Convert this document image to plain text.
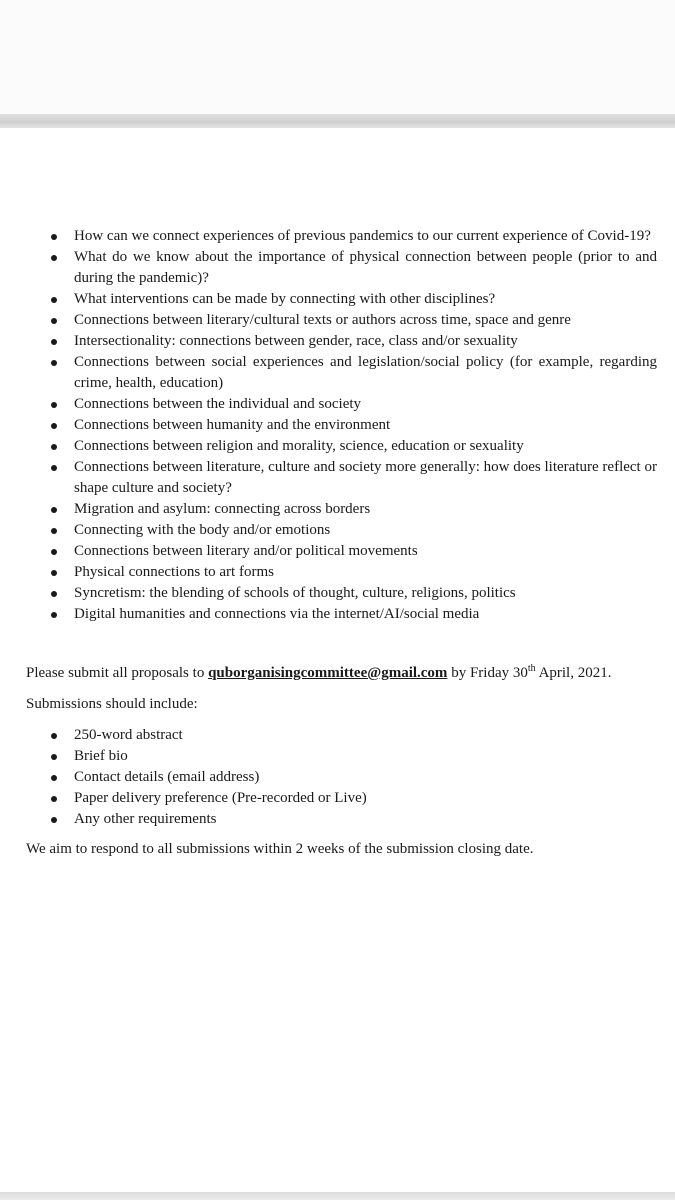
How can we connect experiences of previous pandemics to our current experience of Covid-19?
What do we know about the importance of physical connection between people (prior to and during the pandemic)?
What interventions can be made by connecting with other disciplines?
Connections between literary/cultural texts or authors across time, space and genre
Intersectionality: connections between gender, race, class and/or sexuality
Connections between social experiences and legislation/social policy (for example, regarding crime, health, education)
Connections between the individual and society
Connections between humanity and the environment
Connections between religion and morality, science, education or sexuality
Connections between literature, culture and society more generally: how does literature reflect or shape culture and society?
Migration and asylum: connecting across borders
Connecting with the body and/or emotions
Connections between literary and/or political movements
Physical connections to art forms
Syncretism: the blending of schools of thought, culture, religions, politics
Digital humanities and connections via the internet/AI/social media

Please submit all proposals to quborganisingcommittee@gmail.com by Friday 30th April, 2021.

Submissions should include:

250-word abstract
Brief bio
Contact details (email address)
Paper delivery preference (Pre-recorded or Live)
Any other requirements

We aim to respond to all submissions within 2 weeks of the submission closing date.
